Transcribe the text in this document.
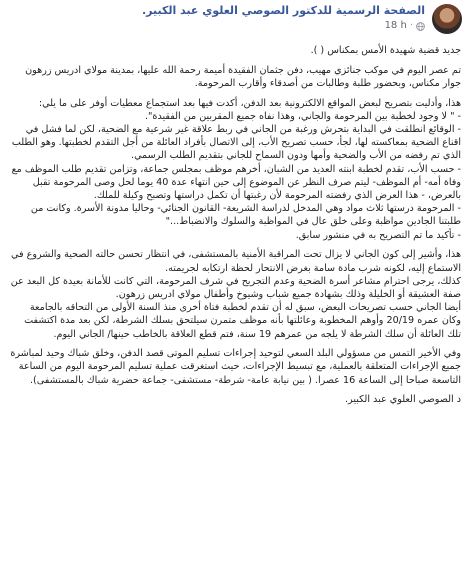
الصفحة الرسمية للدكتور الصوصي العلوي عبد الكبير.
18 h ·

جديد قضية شهيدة الأمس بمكناس ( ).

تم عصر اليوم في موكب جنائزي مهيب، دفن جثمان الفقيدة أميمة رحمة الله عليها، بمدينة مولاي ادريس زرهون جوار مكناس، وبحضور طلبة وطالبات من أصدقاء وأقارب المرحومة.

هذا، وأدليت بتصريح لبعض المواقع الالكترونية بعد الدفن، أكدت فيها بعد استجماع معطيات أوفر على ما يلي:
- " لا وجود لخطبة بين المرحومة والجاني، وهذا نفاه جميع المقربين من الفقيدة".
- الوقائع انطلقت في البداية بتحرش ورغبة من الجاني في ربط علاقة غير شرعية مع الضحية، لكن لما فشل في اقناع الضحية بمعاكسته لها، لجأ، حسب تصريح الأب، إلى الاتصال بأفراد العائلة من أجل التقدم لخطبتها. وهو الطلب الذي تم رفضه من الأب والضحية وأمها ودون السماح للجاني بتقديم الطلب الرسمي.
- حسب الأب، تقدم لخطبة ابنته العديد من الشبان، أخرهم موظف بمجلس جماعة، وتزامن تقديم طلب الموظف مع وفاة أمه- أم الموظف- ليتم صرف النظر عن الموضوع إلى حين انتهاء عدة 40 يوما لحل وصى المرحومة تقبل بالعرض، - هذا العرض الذي رفضته المرحومة لأن رغبتها أن تكمل دراستها وتصبح وكيلة للملك.
- المرحومة درستها ثلاث مواد وهي المدخل لدراسة الشريعة- القانون الجنائي- وحاليا مدونة الأسرة. وكانت من طلبتنا الجادين مواظبة وعلى خلق عال في المواظبة والسلوك والانضباط..."
- تأكيد ما تم التصريح به في منشور سابق.

هذا، وأشير إلى كون الجاني لا يزال تحت المراقبة الأمنية بالمستشفى، في انتظار تحسن حالته الصحية والشروع في الاستماع إليه، لكونه شرب مادة سامة بغرض الانتحار لحظة ارتكابه لجريمته.
كذلك، يرجى احترام مشاعر أسرة الضحية وعدم التجريح في شرف المرحومة، التي كانت للأمانة بعيدة كل البعد عن صفة العشيقة أو الخليلة وذلك بشهادة جميع شباب وشيوخ وأطفال مولاي ادريس زرهون.
أيضا الجاني حسب تصريحات البعض، سبق له أن تقدم لخطبة فتاة أخرى منذ السنة الأولى من التحاقه بالجامعة وكان عمره 20/19 وأوهم المخطوبة وعائلتها بأنه موظف متمرن سيلتحق بسلك الشرطة، لكن بعد مدة اكتشفت تلك العائلة أن سلك الشرطة لا يلجه من عمرهم 19 سنة، فتم قطع العلاقة بالخاطب حينها/ الجاني اليوم.

وفي الأخير التمس من مسؤولي البلد السعي لتوحيد إجراءات تسليم الموتى قصد الدفن، وخلق شباك وحيد لمباشرة جميع الإجراءات المتعلقة بالعملية، مع تبسيط الإجراءات، حيث استغرقت عملية تسليم المرحومة اليوم من الساعة التاسعة صباحا إلى الساعة 16 عصرا. ( بين نيابة عامة- شرطة- مستشفى- جماعة حضرية شباك بالمستشفى).

د الصوصي العلوي عبد الكبير.
